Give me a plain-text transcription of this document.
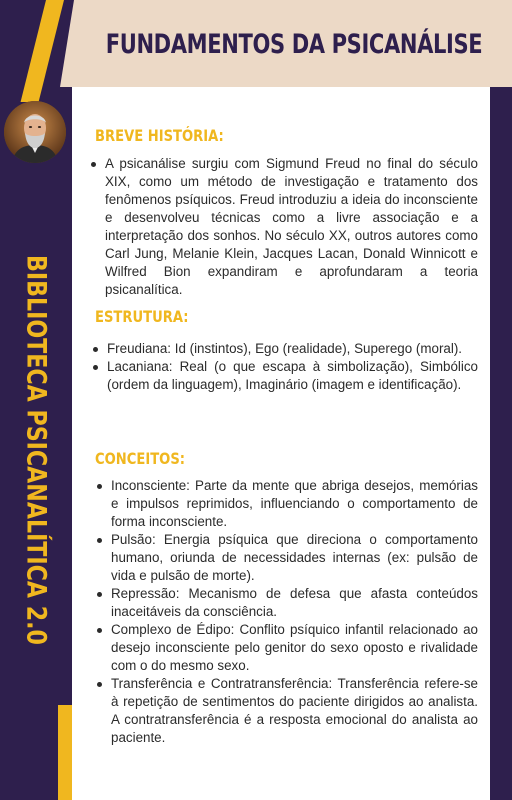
FUNDAMENTOS DA PSICANÁLISE
BIBLIOTECA PSICANALÍTICA 2.0
BREVE HISTÓRIA:
A psicanálise surgiu com Sigmund Freud no final do século XIX, como um método de investigação e tratamento dos fenômenos psíquicos. Freud introduziu a ideia do inconsciente e desenvolveu técnicas como a livre associação e a interpretação dos sonhos. No século XX, outros autores como Carl Jung, Melanie Klein, Jacques Lacan, Donald Winnicott e Wilfred Bion expandiram e aprofundaram a teoria psicanalítica.
ESTRUTURA:
Freudiana: Id (instintos), Ego (realidade), Superego (moral).
Lacaniana: Real (o que escapa à simbolização), Simbólico (ordem da linguagem), Imaginário (imagem e identificação).
CONCEITOS:
Inconsciente: Parte da mente que abriga desejos, memórias e impulsos reprimidos, influenciando o comportamento de forma inconsciente.
Pulsão: Energia psíquica que direciona o comportamento humano, oriunda de necessidades internas (ex: pulsão de vida e pulsão de morte).
Repressão: Mecanismo de defesa que afasta conteúdos inaceitáveis da consciência.
Complexo de Édipo: Conflito psíquico infantil relacionado ao desejo inconsciente pelo genitor do sexo oposto e rivalidade com o do mesmo sexo.
Transferência e Contratransferência: Transferência refere-se à repetição de sentimentos do paciente dirigidos ao analista. A contratransferência é a resposta emocional do analista ao paciente.
